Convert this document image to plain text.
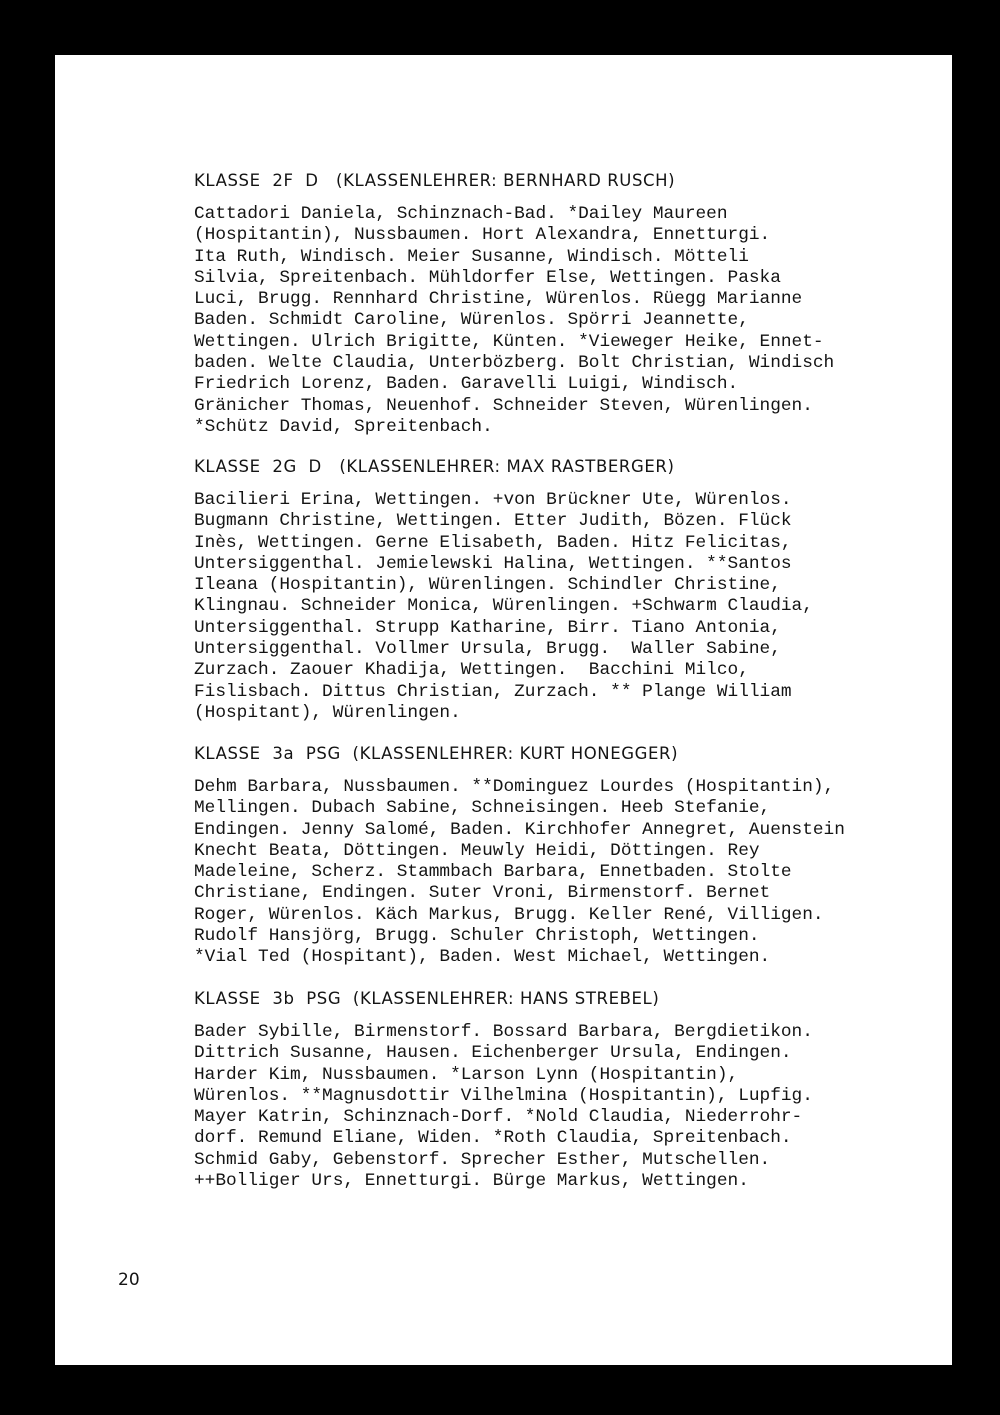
KLASSE  2F  D   (KLASSENLEHRER: BERNHARD RUSCH)
Cattadori Daniela, Schinznach-Bad. *Dailey Maureen
(Hospitantin), Nussbaumen. Hort Alexandra, Ennetturgi.
Ita Ruth, Windisch. Meier Susanne, Windisch. Mötteli
Silvia, Spreitenbach. Mühldorfer Else, Wettingen. Paska
Luci, Brugg. Rennhard Christine, Würenlos. Rüegg Marianne
Baden. Schmidt Caroline, Würenlos. Spörri Jeannette,
Wettingen. Ulrich Brigitte, Künten. *Vieweger Heike, Ennet-
baden. Welte Claudia, Unterbözberg. Bolt Christian, Windisch
Friedrich Lorenz, Baden. Garavelli Luigi, Windisch.
Gränicher Thomas, Neuenhof. Schneider Steven, Würenlingen.
*Schütz David, Spreitenbach.
KLASSE  2G  D   (KLASSENLEHRER: MAX RASTBERGER)
Bacilieri Erina, Wettingen. +von Brückner Ute, Würenlos.
Bugmann Christine, Wettingen. Etter Judith, Bözen. Flück
Inès, Wettingen. Gerne Elisabeth, Baden. Hitz Felicitas,
Untersiggenthal. Jemielewski Halina, Wettingen. **Santos
Ileana (Hospitantin), Würenlingen. Schindler Christine,
Klingnau. Schneider Monica, Würenlingen. +Schwarm Claudia,
Untersiggenthal. Strupp Katharine, Birr. Tiano Antonia,
Untersiggenthal. Vollmer Ursula, Brugg.  Waller Sabine,
Zurzach. Zaouer Khadija, Wettingen.  Bacchini Milco,
Fislisbach. Dittus Christian, Zurzach. ** Plange William
(Hospitant), Würenlingen.
KLASSE  3a  PSG  (KLASSENLEHRER: KURT HONEGGER)
Dehm Barbara, Nussbaumen. **Dominguez Lourdes (Hospitantin),
Mellingen. Dubach Sabine, Schneisingen. Heeb Stefanie,
Endingen. Jenny Salomé, Baden. Kirchhofer Annegret, Auenstein
Knecht Beata, Döttingen. Meuwly Heidi, Döttingen. Rey
Madeleine, Scherz. Stammbach Barbara, Ennetbaden. Stolte
Christiane, Endingen. Suter Vroni, Birmenstorf. Bernet
Roger, Würenlos. Käch Markus, Brugg. Keller René, Villigen.
Rudolf Hansjörg, Brugg. Schuler Christoph, Wettingen.
*Vial Ted (Hospitant), Baden. West Michael, Wettingen.
KLASSE  3b  PSG  (KLASSENLEHRER: HANS STREBEL)
Bader Sybille, Birmenstorf. Bossard Barbara, Bergdietikon.
Dittrich Susanne, Hausen. Eichenberger Ursula, Endingen.
Harder Kim, Nussbaumen. *Larson Lynn (Hospitantin),
Würenlos. **Magnusdottir Vilhelmina (Hospitantin), Lupfig.
Mayer Katrin, Schinznach-Dorf. *Nold Claudia, Niederrohr-
dorf. Remund Eliane, Widen. *Roth Claudia, Spreitenbach.
Schmid Gaby, Gebenstorf. Sprecher Esther, Mutschellen.
++Bolliger Urs, Ennetturgi. Bürge Markus, Wettingen.
20
